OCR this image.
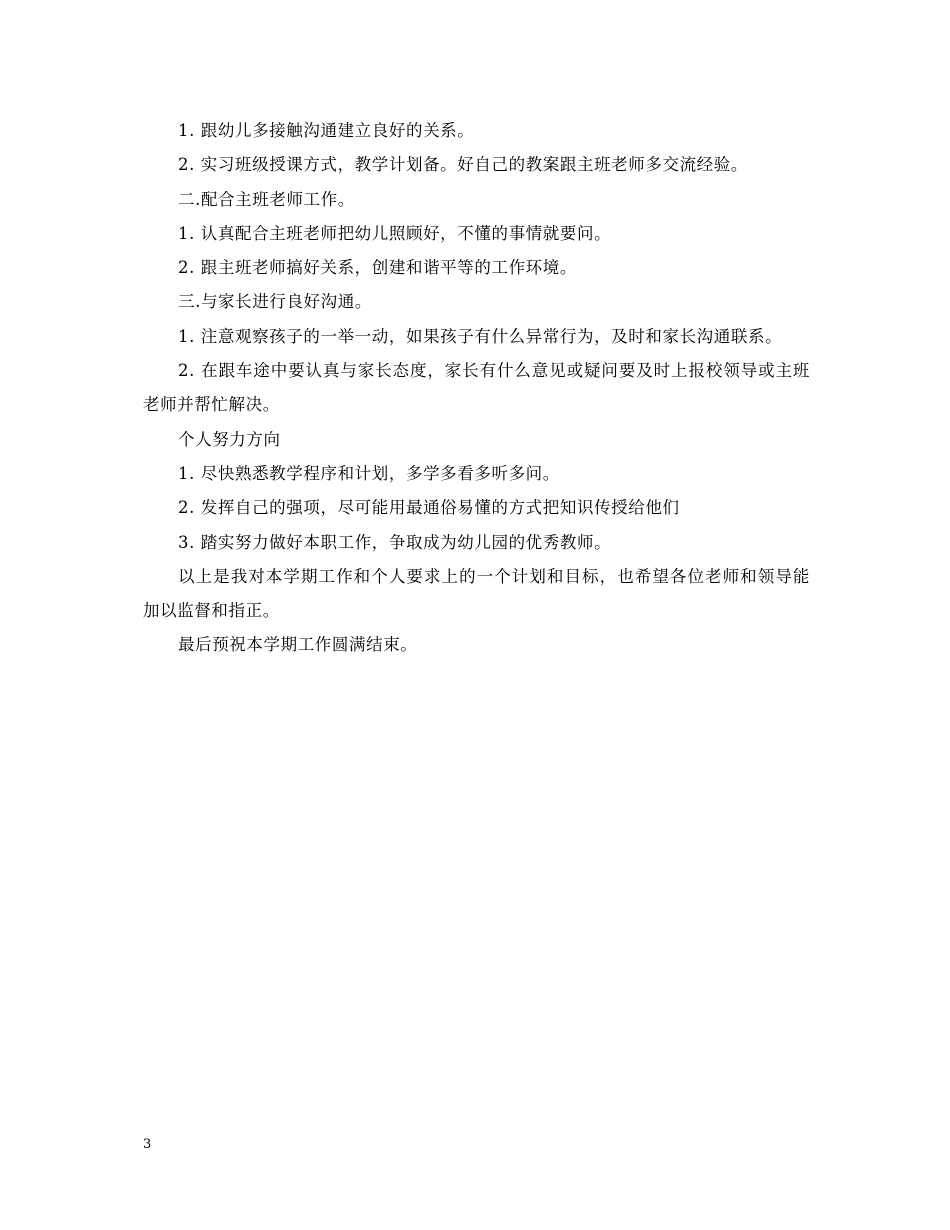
1. 跟幼儿多接触沟通建立良好的关系。

2. 实习班级授课方式，教学计划备。好自己的教案跟主班老师多交流经验。

二.配合主班老师工作。

1. 认真配合主班老师把幼儿照顾好，不懂的事情就要问。

2. 跟主班老师搞好关系，创建和谐平等的工作环境。

三.与家长进行良好沟通。

1. 注意观察孩子的一举一动，如果孩子有什么异常行为，及时和家长沟通联系。

2. 在跟车途中要认真与家长态度，家长有什么意见或疑问要及时上报校领导或主班老师并帮忙解决。

个人努力方向

1. 尽快熟悉教学程序和计划，多学多看多听多问。

2. 发挥自己的强项，尽可能用最通俗易懂的方式把知识传授给他们

3. 踏实努力做好本职工作，争取成为幼儿园的优秀教师。

以上是我对本学期工作和个人要求上的一个计划和目标，也希望各位老师和领导能加以监督和指正。

最后预祝本学期工作圆满结束。

3
